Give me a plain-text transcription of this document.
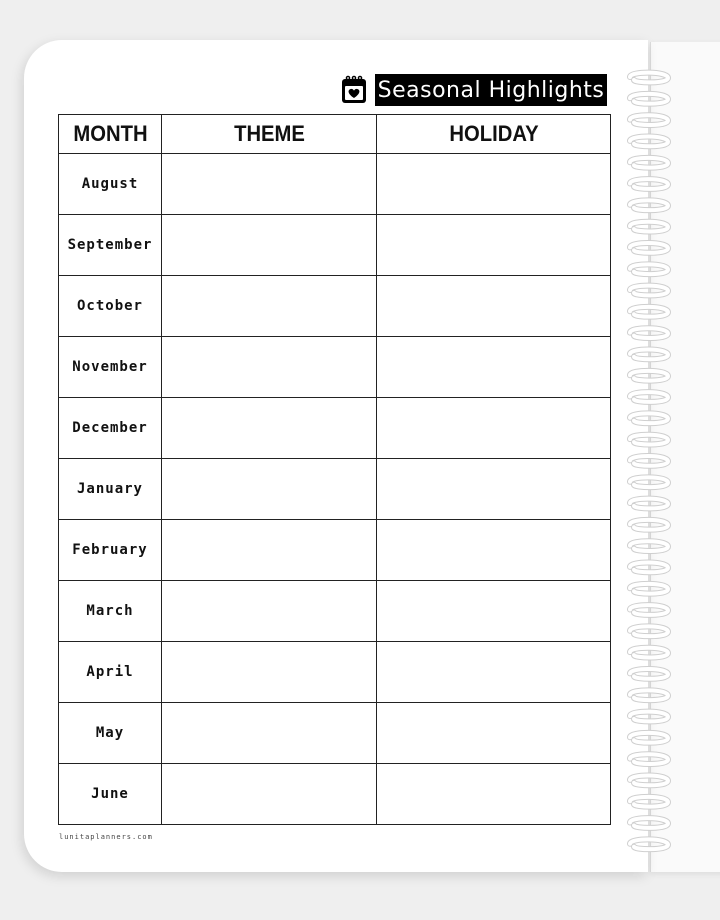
Seasonal Highlights
MONTH	THEME	HOLIDAY
August		
September		
October		
November		
December		
January		
February		
March		
April		
May		
June		
lunitaplanners.com
